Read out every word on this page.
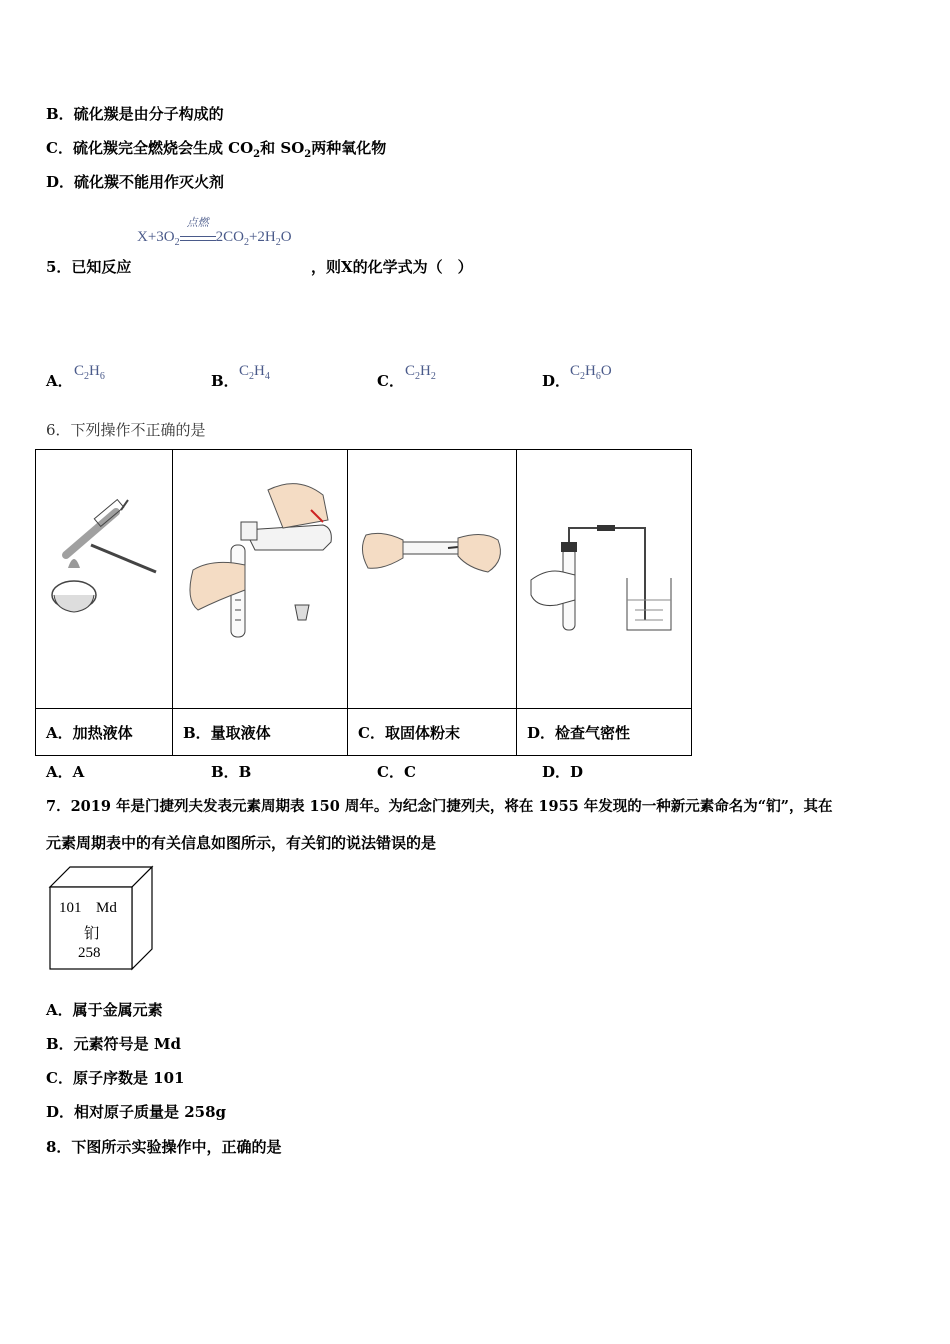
B．硫化羰是由分子构成的
C．硫化羰完全燃烧会生成 $CO_2$和 $SO_2$两种氧化物
D．硫化羰不能用作灭火剂
$X+3O_2$
点燃
$2CO_2+2H_2O$
5．已知反应	，则X的化学式为（　）
A．
$C_2H_6$	B．
$C_2H_4$	C．
$C_2H_2$	D．
$C_2H_6O$
6．下列操作不正确的是

A．加热液体	B．量取液体	C．取固体粉末	D．检查气密性
A．A	B．B	C．C	D．D
7．2019 年是门捷列夫发表元素周期表 150 周年。为纪念门捷列夫，将在 1955 年发现的一种新元素命名为“钔”，其在
元素周期表中的有关信息如图所示，有关钔的说法错误的是
101 Md
钔
258
A．属于金属元素
B．元素符号是 Md
C．原子序数是 101
D．相对原子质量是 258g
8．下图所示实验操作中，正确的是
